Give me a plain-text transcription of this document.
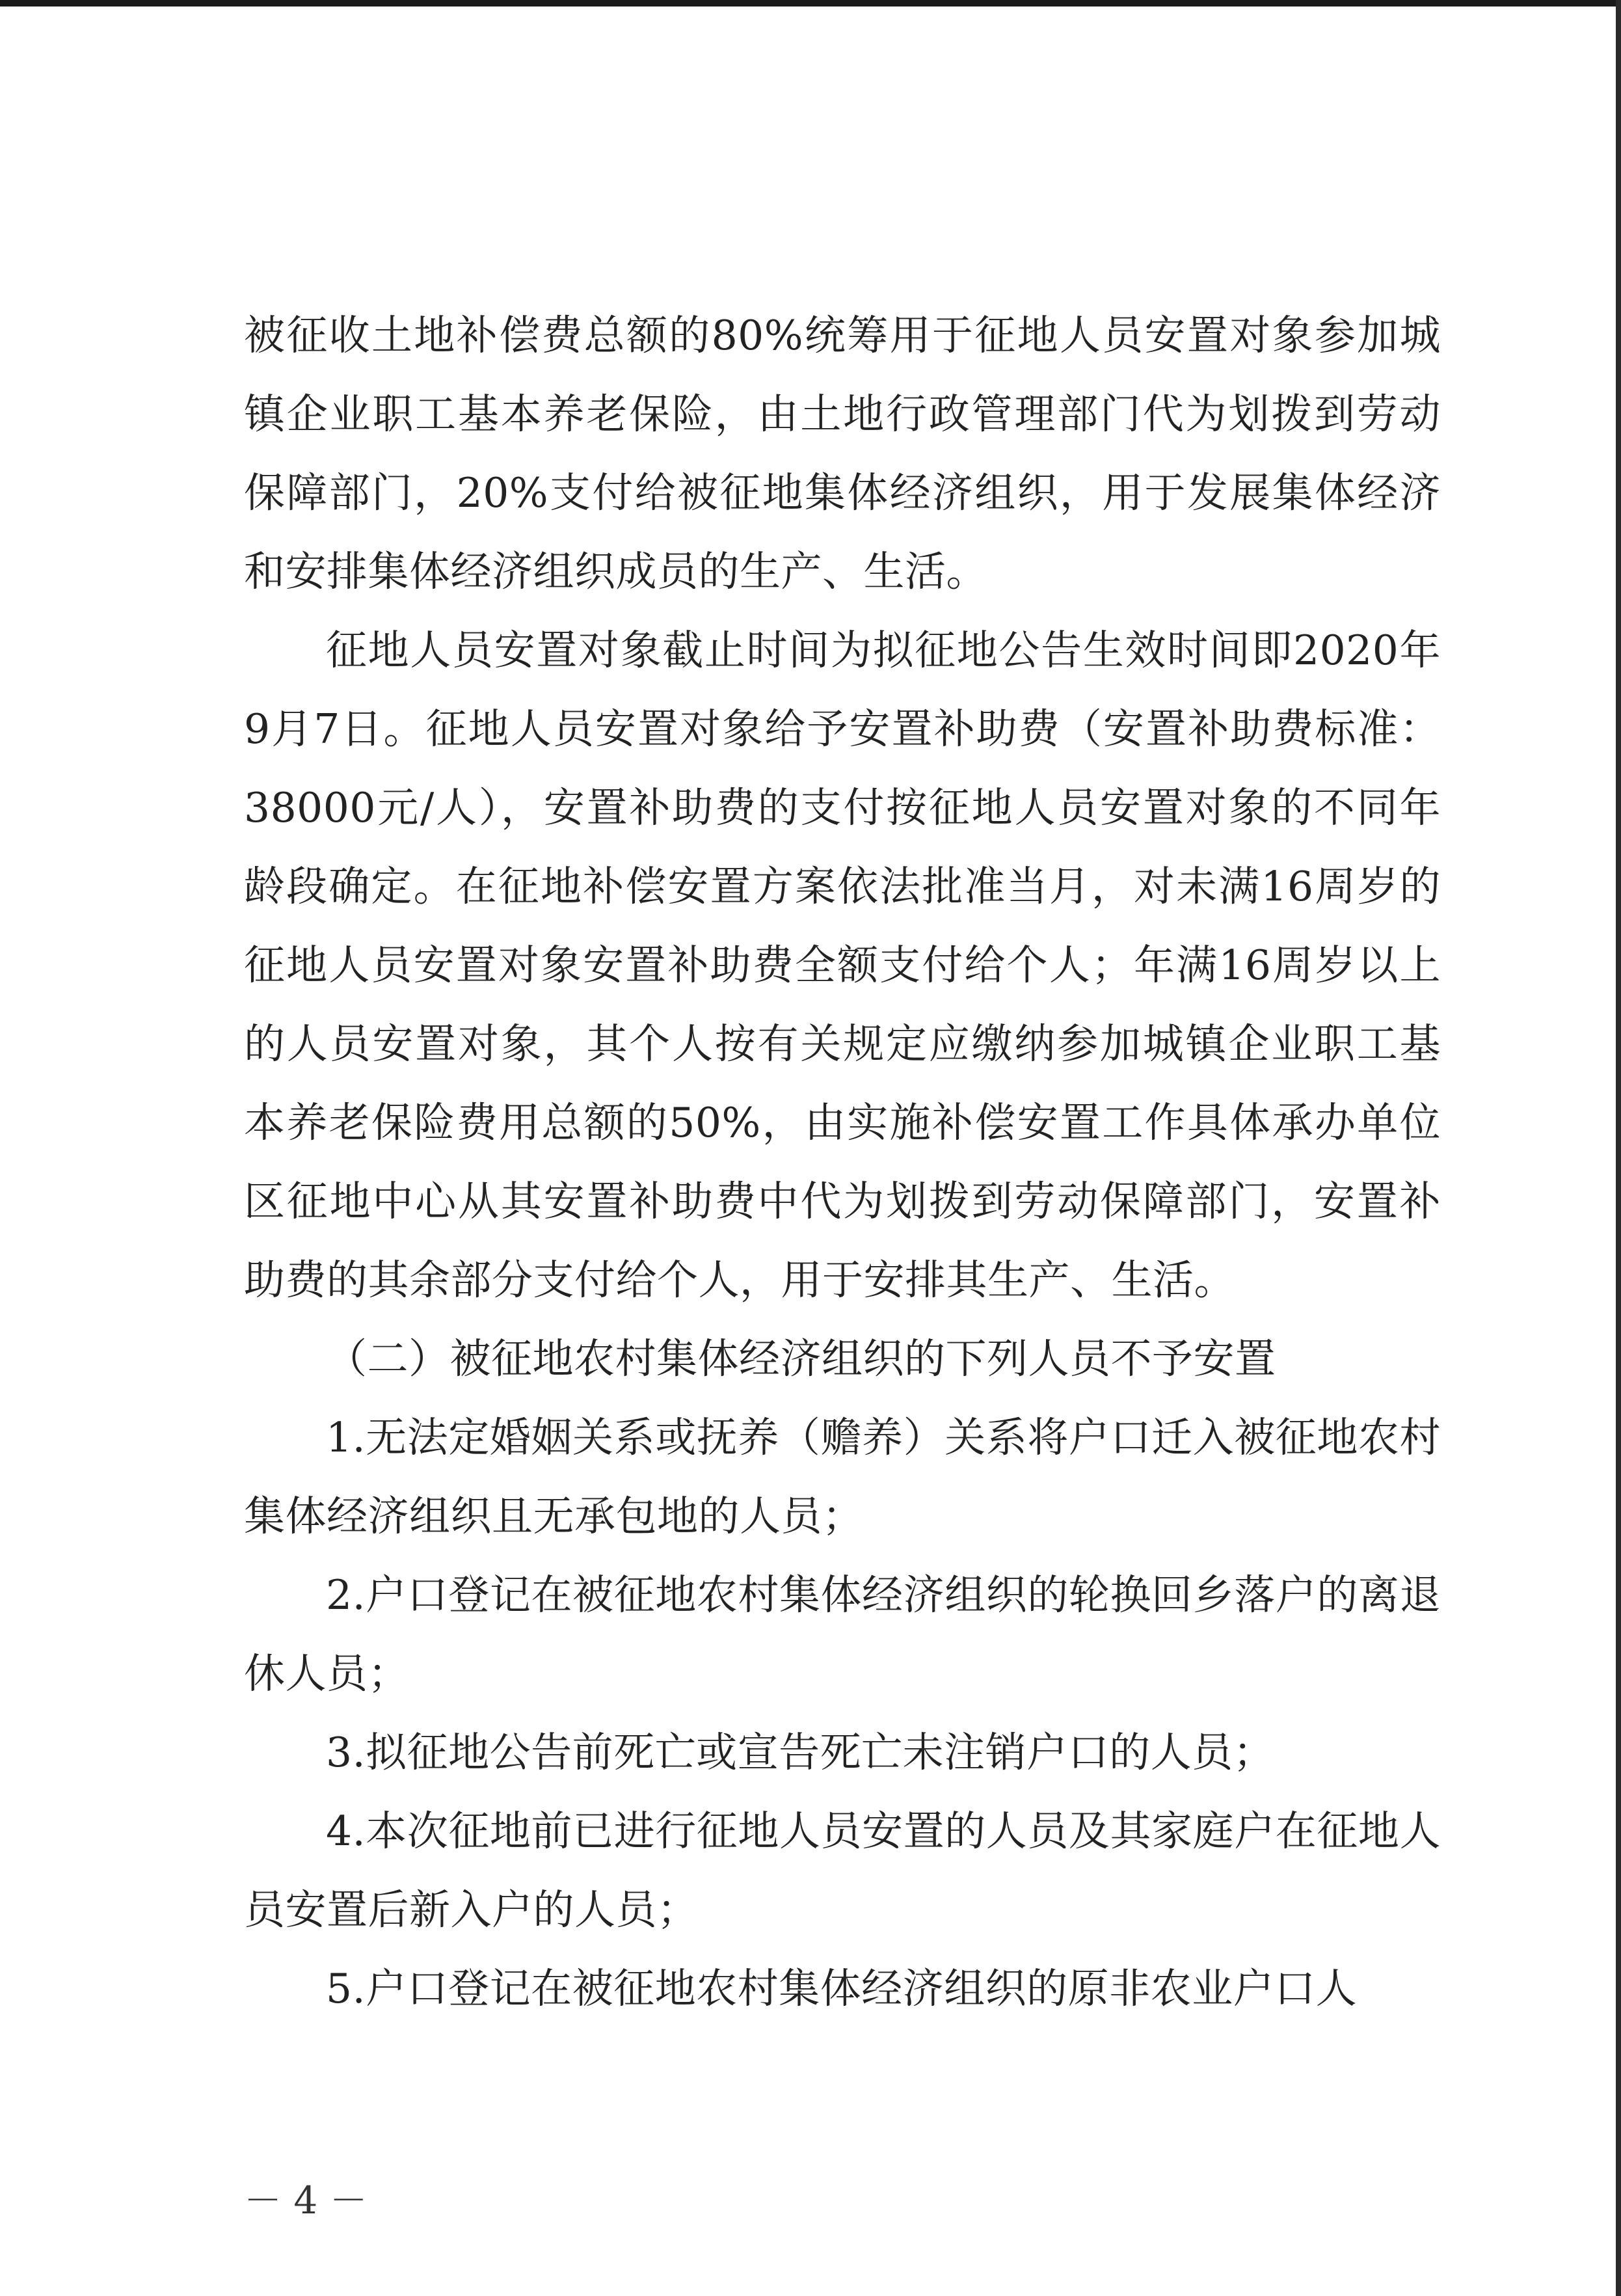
被征收土地补偿费总额的80%统筹用于征地人员安置对象参加城镇企业职工基本养老保险，由土地行政管理部门代为划拨到劳动保障部门，20%支付给被征地集体经济组织，用于发展集体经济和安排集体经济组织成员的生产、生活。

征地人员安置对象截止时间为拟征地公告生效时间即2020年9月7日。征地人员安置对象给予安置补助费（安置补助费标准：38000元/人），安置补助费的支付按征地人员安置对象的不同年龄段确定。在征地补偿安置方案依法批准当月，对未满16周岁的征地人员安置对象安置补助费全额支付给个人；年满16周岁以上的人员安置对象，其个人按有关规定应缴纳参加城镇企业职工基本养老保险费用总额的50%，由实施补偿安置工作具体承办单位区征地中心从其安置补助费中代为划拨到劳动保障部门，安置补助费的其余部分支付给个人，用于安排其生产、生活。

（二）被征地农村集体经济组织的下列人员不予安置

1.无法定婚姻关系或抚养（赡养）关系将户口迁入被征地农村集体经济组织且无承包地的人员；

2.户口登记在被征地农村集体经济组织的轮换回乡落户的离退休人员；

3.拟征地公告前死亡或宣告死亡未注销户口的人员；

4.本次征地前已进行征地人员安置的人员及其家庭户在征地人员安置后新入户的人员；

5.户口登记在被征地农村集体经济组织的原非农业户口人

－ 4 －
